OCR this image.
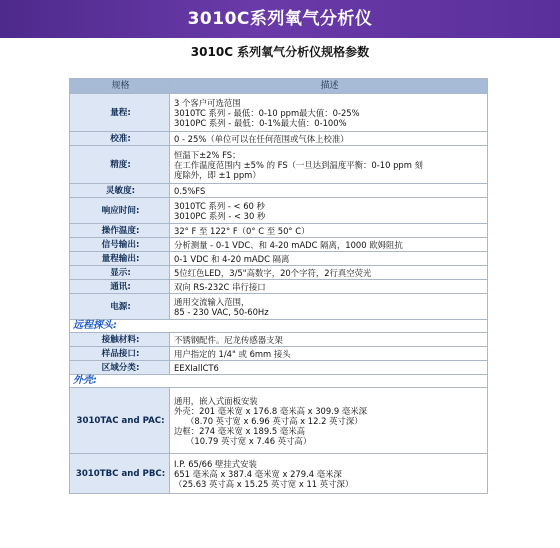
3010C系列氧气分析仪
3010C 系列氧气分析仪规格参数
规格	描述
量程:	3 个客户可选范围
3010TC 系列 - 最低：0-10 ppm最大值：0-25%
3010PC 系列 - 最低：0-1%最大值：0-100%

校准:	0 - 25%（单位可以在任何范围或气体上校准）

精度:	恒温下±2% FS；
在工作温度范围内 ±5% 的 FS（一旦达到温度平衡：0-10 ppm 刻
度除外，即 ±1 ppm）

灵敏度:	0.5%FS

响应时间:	3010TC 系列 - < 60 秒
3010PC 系列 - < 30 秒

操作温度:	32° F 至 122° F（0° C 至 50° C）

信号输出:	分析测量 - 0-1 VDC、和 4-20 mADC 隔离，1000 欧姆阻抗

量程输出:	0-1 VDC 和 4-20 mADC 隔离

显示:	5位红色LED，3/5"高数字，20个字符，2行真空荧光

通讯:	双向 RS-232C 串行接口

电源:	通用交流输入范围，
85 - 230 VAC, 50-60Hz

远程探头:	
接触材料:	不锈钢配件。尼龙传感器支架

样品接口:	用户指定的 1/4" 或 6mm 接头

区域分类:	EEXIallCT6

外壳:	
3010TAC and PAC:	通用，嵌入式面板安装
外壳：201 毫米宽 x 176.8 毫米高 x 309.9 毫米深
（8.70 英寸宽 x 6.96 英寸高 x 12.2 英寸深）
边框：274 毫米宽 x 189.5 毫米高
（10.79 英寸宽 x 7.46 英寸高）

3010TBC and PBC:	I.P. 65/66 壁挂式安装
651 毫米高 x 387.4 毫米宽 x 279.4 毫米深
（25.63 英寸高 x 15.25 英寸宽 x 11 英寸深）
